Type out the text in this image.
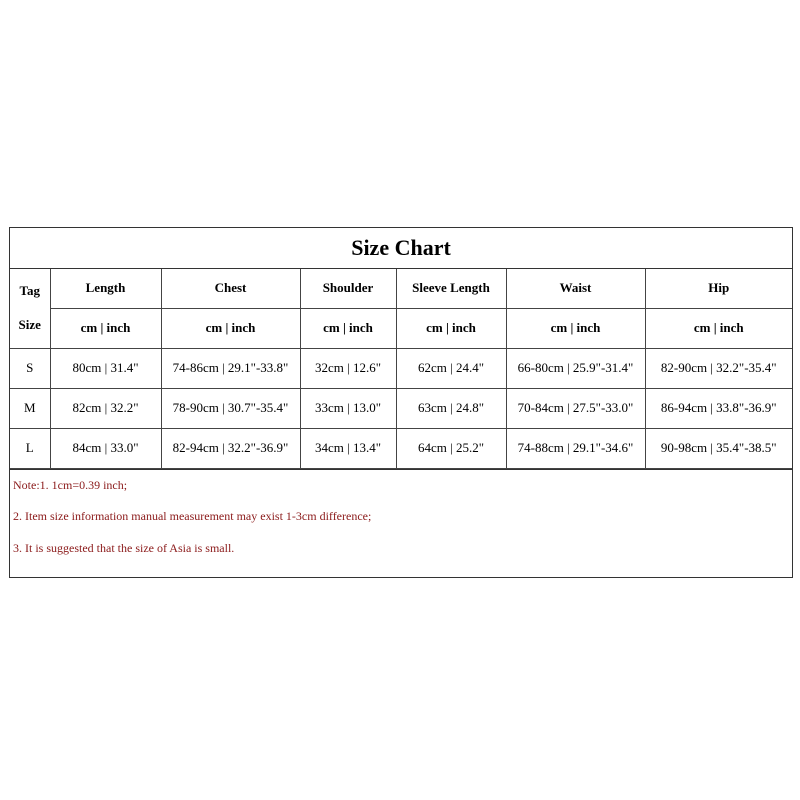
Size Chart
Tag
Size	Length	Chest	Shoulder	Sleeve Length	Waist	Hip
	cm | inch	cm | inch	cm | inch	cm | inch	cm | inch	cm | inch
S	80cm | 31.4"	74-86cm | 29.1"-33.8"	32cm | 12.6"	62cm | 24.4"	66-80cm | 25.9"-31.4"	82-90cm | 32.2"-35.4"
M	82cm | 32.2"	78-90cm | 30.7"-35.4"	33cm | 13.0"	63cm | 24.8"	70-84cm | 27.5"-33.0"	86-94cm | 33.8"-36.9"
L	84cm | 33.0"	82-94cm | 32.2"-36.9"	34cm | 13.4"	64cm | 25.2"	74-88cm | 29.1"-34.6"	90-98cm | 35.4"-38.5"
Note:1. 1cm=0.39 inch;
2. Item size information manual measurement may exist 1-3cm difference;
3. It is suggested that the size of Asia is small.
